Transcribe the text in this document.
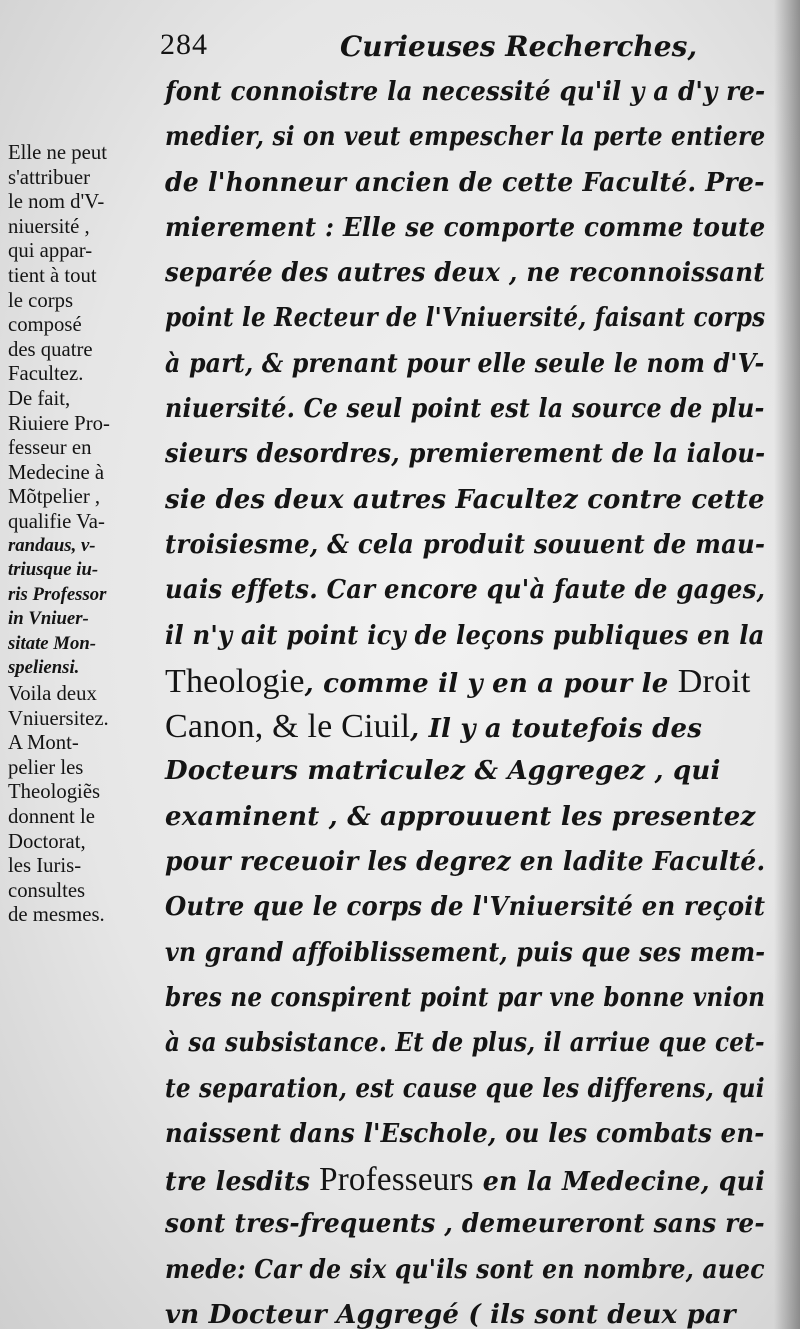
284	Curieuses Recherches,
font connoistre la necessité qu'il y a d'y re-
medier, si on veut empescher la perte entiere
de l'honneur ancien de cette Faculté. Pre-
mierement : Elle se comporte comme toute
separée des autres deux , ne reconnoissant
point le Recteur de l'Vniuersité, faisant corps
à part, & prenant pour elle seule le nom d'V-
niuersité. Ce seul point est la source de plu-
sieurs desordres, premierement de la ialou-
sie des deux autres Facultez contre cette
troisiesme, & cela produit souuent de mau-
uais effets. Car encore qu'à faute de gages,
il n'y ait point icy de leçons publiques en la
Theologie, comme il y en a pour le Droit
Canon, & le Ciuil, Il y a toutefois des
Docteurs matriculez & Aggregez , qui
examinent , & approuuent les presentez
pour receuoir les degrez en ladite Faculté.
Outre que le corps de l'Vniuersité en reçoit
vn grand affoiblissement, puis que ses mem-
bres ne conspirent point par vne bonne vnion
à sa subsistance. Et de plus, il arriue que cet-
te separation, est cause que les differens, qui
naissent dans l'Eschole, ou les combats en-
tre lesdits Professeurs en la Medecine, qui
sont tres-frequents , demeureront sans re-
mede: Car de six qu'ils sont en nombre, auec
vn Docteur Aggregé ( ils sont deux par
Elle ne peut
s'attribuer
le nom d'V-
niuersité ,
qui appar-
tient à tout
le corps
composé
des quatre
Facultez.
De fait,
Riuiere Pro-
fesseur en
Medecine à
Mõtpelier ,
qualifie Va-
randaus, v-
triusque iu-
ris Professor
in Vniuer-
sitate Mon-
speliensi.
Voila deux
Vniuersitez.
A Mont-
pelier les
Theologiẽs
donnent le
Doctorat,
les Iuris-
consultes
de mesmes.
